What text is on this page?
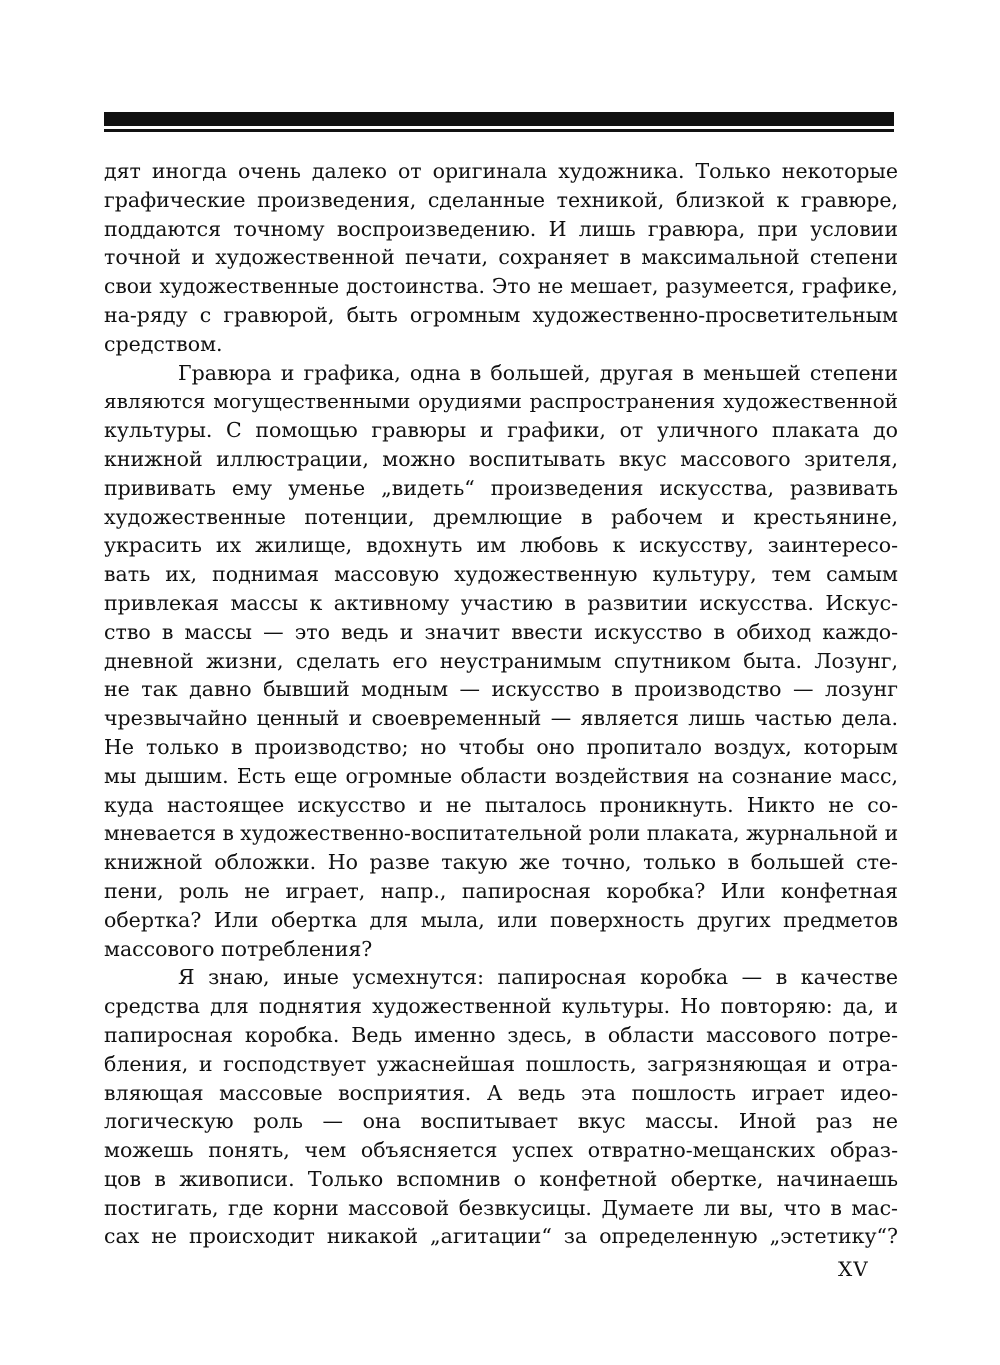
дят иногда очень далеко от оригинала художника. Только некоторые
графические произведения, сделанные техникой, близкой к гравюре,
поддаются точному воспроизведению. И лишь гравюра, при условии
точной и художественной печати, сохраняет в максимальной степени
свои художественные достоинства. Это не мешает, разумеется, графике,
на-ряду с гравюрой, быть огромным художественно-просветительным
средством.
Гравюра и графика, одна в большей, другая в меньшей степени
являются могущественными орудиями распространения художественной
культуры. С помощью гравюры и графики, от уличного плаката до
книжной иллюстрации, можно воспитывать вкус массового зрителя,
прививать ему уменье „видеть“ произведения искусства, развивать
художественные потенции, дремлющие в рабочем и крестьянине,
украсить их жилище, вдохнуть им любовь к искусству, заинтересо-
вать их, поднимая массовую художественную культуру, тем самым
привлекая массы к активному участию в развитии искусства. Искус-
ство в массы — это ведь и значит ввести искусство в обиход каждо-
дневной жизни, сделать его неустранимым спутником быта. Лозунг,
не так давно бывший модным — искусство в производство — лозунг
чрезвычайно ценный и своевременный — является лишь частью дела.
Не только в производство; но чтобы оно пропитало воздух, которым
мы дышим. Есть еще огромные области воздействия на сознание масс,
куда настоящее искусство и не пыталось проникнуть. Никто не со-
мневается в художественно-воспитательной роли плаката, журнальной и
книжной обложки. Но разве такую же точно, только в большей сте-
пени, роль не играет, напр., папиросная коробка? Или конфетная
обертка? Или обертка для мыла, или поверхность других предметов
массового потребления?
Я знаю, иные усмехнутся: папиросная коробка — в качестве
средства для поднятия художественной культуры. Но повторяю: да, и
папиросная коробка. Ведь именно здесь, в области массового потре-
бления, и господствует ужаснейшая пошлость, загрязняющая и отра-
вляющая массовые восприятия. А ведь эта пошлость играет идео-
логическую роль — она воспитывает вкус массы. Иной раз не
можешь понять, чем объясняется успех отвратно-мещанских образ-
цов в живописи. Только вспомнив о конфетной обертке, начинаешь
постигать, где корни массовой безвкусицы. Думаете ли вы, что в мас-
сах не происходит никакой „агитации“ за определенную „эстетику“?
XV
